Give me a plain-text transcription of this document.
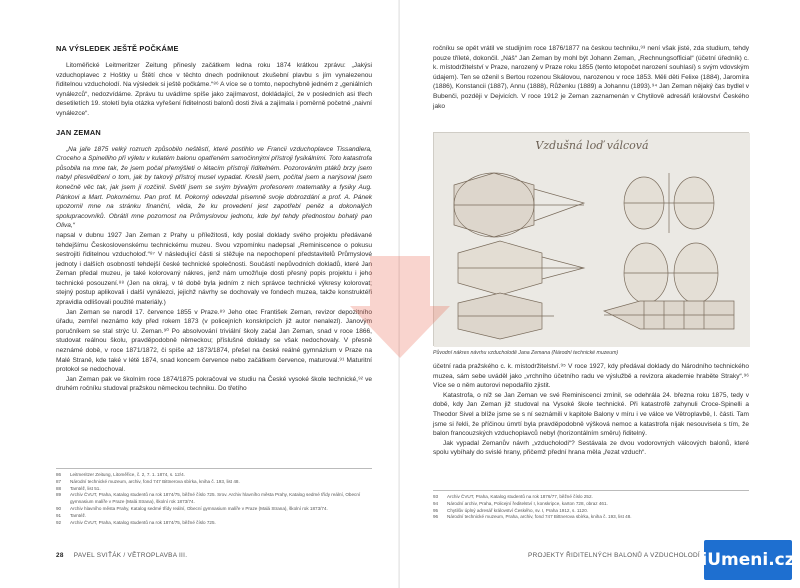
NA VÝSLEDEK JEŠTĚ POČKÁME

Litoměřické Leitmeritzer Zeitung přinesly začátkem ledna roku 1874 krátkou zprávu: „Jakýsi vzduchoplavec z Hoštky u Štětí chce v těchto dnech podniknout zkušební plavbu s jím vynalezenou řiditelnou vzducholodí. Na výsledek si ještě počkáme.“⁸⁶ A více se o tomto, nepochybně jedném z „geniálních vynálezců“, nedozvídáme. Zprávu tu uvádíme spíše jako zajímavost, dokládající, že v posledních asi třech desetiletích 19. století byla otázka vyřešení řiditelnosti balonů dosti živá a zajímala i poměrně početné „naivní vynálezce“.

JAN ZEMAN

„Na jaře 1875 velký rozruch způsobilo neštěstí, které postihlo ve Francii vzduchoplavce Tissandiera, Croceho a Spinelliho při výletu v kulatém balonu opatřeném samočinnými přístroji fysikálními. Toto katastrofa působila na mne tak, že jsem počal přemýšleti o létacím přístroji řiditelném. Pozorováním ptáků brzy jsem nabyl přesvědčení o tom, jak by takový přístroj musel vypadat. Kreslil jsem, počítal jsem a narýsoval jsem konečně věc tak, jak jsem ji rozčinil. Světlí jsem se svým bývalým profesorem matematiky a fysiky Aug. Pánkovi a Mart. Pokornému. Pan prof. M. Pokorný odevzdal písemně svoje dobrozdání a prof. A. Pánek upozornil mne na stránku finanční, věda, že ku provedení jest zapotřebí peněz a dokonalých spolupracovníků. Obrátil mne pozornost na Průmyslovou jednotu, kde byl tehdy přednostou bohatý pan Oliva,“

napsal v dubnu 1927 Jan Zeman z Prahy u příležitosti, kdy poslal doklady svého projektu předávané tehdejšímu Československému technickému muzeu. Svou vzpomínku nadepsal „Reminiscence o pokusu sestrojiti řiditelnou vzducholoď.“⁸⁷ V následující části si stěžuje na nepochopení představitelů Průmyslové jednoty i dalších osobností tehdejší české technické společnosti. Součástí nepůvodních dokladů, které Jan Zeman předal muzeu, je také kolorovaný nákres, jenž nám umožňuje dosti přesný popis projektu i jeho technické posouzení.⁸⁸ (Jen na okraj, v té době byla jedním z nich správce technické výkresy kolorovat; stejný postup aplikovali i další vynálezci, jejichž návrhy se dochovaly ve fondech muzea, takže konstruktéři zpravidla odlišovali použité materiály.)

Jan Zeman se narodil 17. července 1855 v Praze.⁸⁹ Jeho otec František Zeman, revizor depozitního úřadu, zemřel neznámo kdy před rokem 1873 (v policejních konskripcích již autor nenalezl). Janovým poručníkem se stal strýc U. Zeman.⁹⁰ Po absolvování triviální školy začal Jan Zeman, snad v roce 1866, studovat reálnou školu, pravděpodobně německou; příslušné doklady se však nedochovaly. V přesně neznámé době, v roce 1871/1872, či spíše až 1873/1874, přešel na české reálné gymnázium v Praze na Malé Straně, kde také v létě 1874, snad koncem července nebo začátkem července, maturoval.⁹¹ Maturitní protokol se nedochoval.

Jan Zeman pak ve školním roce 1874/1875 pokračoval ve studiu na České vysoké škole technické,⁹² ve druhém ročníku studoval pražskou německou techniku. Do třetího

86	Leitmeritzer Zeitung, Litoměřice, č. 2, 7. 1. 1874, s. 12/4.
87	Národní technické muzeum, archiv, fond 747 Bittnerova sbírka, kniha č. 193, list 48.
88	Tamtéž, list 51.
89	Archiv ČVUT, Praha, Katalog studentů na rok 1874/75, běžné číslo 725. Srov. Archiv hlavního města Prahy, Katalog sedmé třídy reální, Obecní gymnasium malíře v Praze (Malá Strana), školní rok 1873/74.
90	Archiv hlavního města Prahy, Katalog sedmé třídy reální, Obecní gymnasium malíře v Praze (Malá Strana), školní rok 1873/74.
91	Tamtéž.
92	Archiv ČVUT, Praha, Katalog studentů na rok 1874/75, běžné číslo 725.
28 PAVEL SVIŤÁK / VĚTROPLAVBA III.

ročníku se opět vrátil ve studijním roce 1876/1877 na českou techniku,⁹³ není však jisté, zda studium, tehdy pouze tříleté, dokončil. „Náš“ Jan Zeman by mohl být Johann Zeman, „Rechnungsofficial“ (účetní úředník) c. k. místodržitelství v Praze, narozený v Praze roku 1855 (tento letopočet narození souhlasí) s svým vdovským údajem). Ten se oženil s Bertou rozenou Skálovou, narozenou v roce 1853. Měli děti Felixe (1884), Jaromíra (1886), Konstancii (1887), Annu (1888), Růženku (1889) a Johannu (1893).⁹⁴ Jan Zeman nějaký čas bydlel v Bubenči, později v Dejvicích. V roce 1912 je Zeman zaznamenán v Chytilově adresáři království Českého jako

Vzdušná loď válcová
Původní nákres návrhu vzducholodě Jana Zemana (Národní technické muzeum)

účetní rada pražského c. k. místodržitelství.⁹⁵ V roce 1927, kdy předával doklady do Národního technického muzea, sám sebe uváděl jako „vrchního účetního radu ve výslužbě a revizora akademie hraběte Straky“.⁹⁶ Více se o něm autorovi nepodařilo zjistit.

Katastrofa, o níž se Jan Zeman ve své Reminiscenci zmínil, se odehrála 24. března roku 1875, tedy v době, kdy Jan Zeman již studoval na Vysoké škole technické. Při katastrofě zahynuli Croce-Spinelli a Theodor Sivel a blíže jsme se s ní seznámili v kapitole Balony v míru i ve válce ve Větroplavbě, I. části. Tam jsme si řekli, že příčinou úmrtí byla pravděpodobně výšková nemoc a katastrofa nijak nesouvisela s tím, že balon francouzských vzduchoplavců nebyl (horizontálním směru) řiditelný.

Jak vypadal Zemanův návrh „vzducholodi“? Sestávala ze dvou vodorovných válcových balonů, které spolu vybíhaly do svislé hrany, přičemž přední hrana měla „řezat vzduch“.

93	Archiv ČVUT, Praha, Katalog studentů na rok 1876/77, běžné číslo 252.
94	Národní archiv, Praha, Policejní ředitelství I, konskripce, karton 728, obraz 461.
95	Chytilův úplný adresář království Českého, sv. I, Praha 1912, s. 1120.
96	Národní technické muzeum, Praha, archiv, fond 747 Bittnerova sbírka, kniha č. 193, list 48.
PROJEKTY ŘIDITELNÝCH BALONŮ A VZDUCHOLODÍ iUmeni.cz
